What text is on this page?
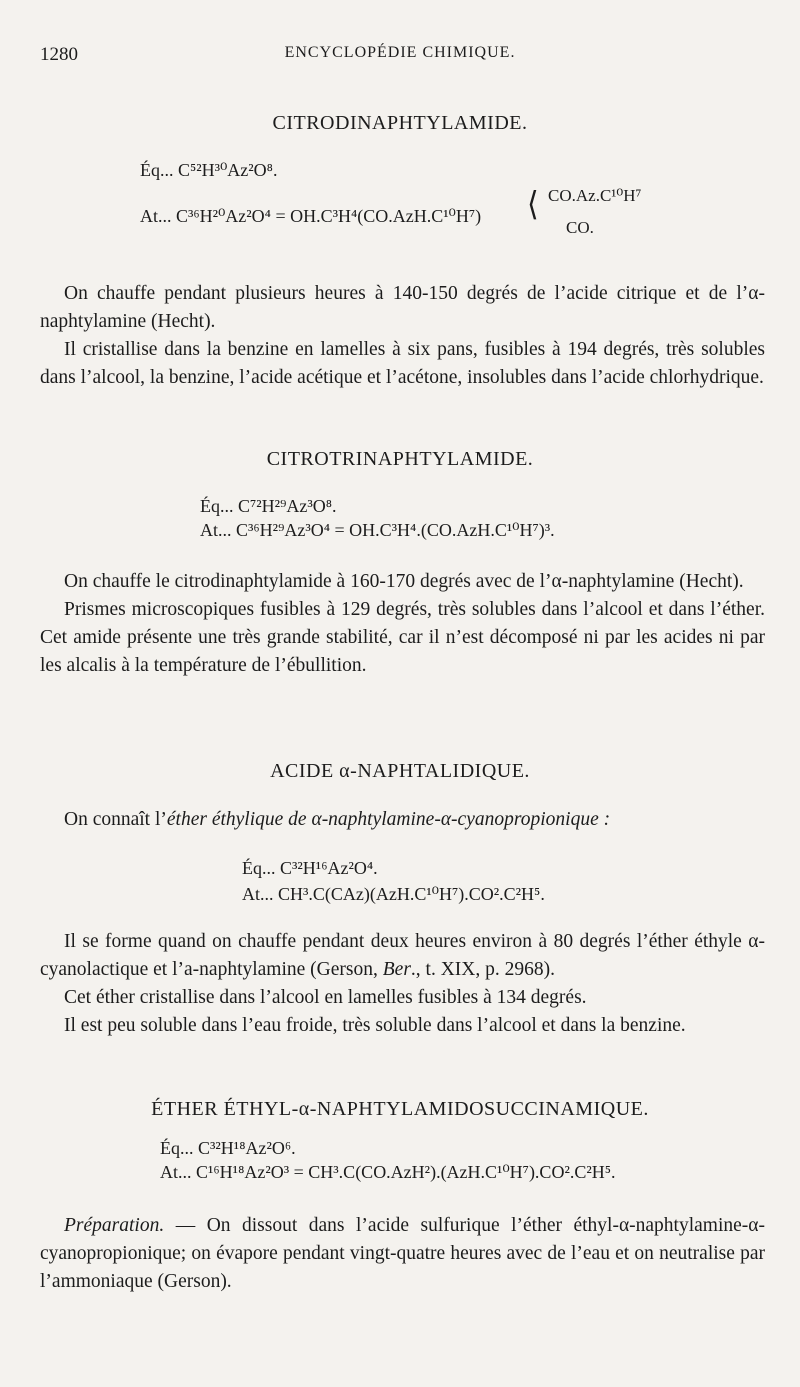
1280	ENCYCLOPÉDIE CHIMIQUE.
CITRODINAPHTYLAMIDE.
Éq... C⁵²H³⁰Az²O⁸.
At... C³⁶H²⁰Az²O⁴ = OH.C³H⁴(CO.AzH.C¹⁰H⁷) ⟨ CO.Az.C¹⁰H⁷
CO.

On chauffe pendant plusieurs heures à 140-150 degrés de l’acide citrique et de l’α-naphtylamine (Hecht).

Il cristallise dans la benzine en lamelles à six pans, fusibles à 194 degrés, très solubles dans l’alcool, la benzine, l’acide acétique et l’acétone, insolubles dans l’acide chlorhydrique.

CITROTRINAPHTYLAMIDE.
Éq... C⁷²H²⁹Az³O⁸.
At... C³⁶H²⁹Az³O⁴ = OH.C³H⁴.(CO.AzH.C¹⁰H⁷)³.

On chauffe le citrodinaphtylamide à 160-170 degrés avec de l’α-naphtylamine (Hecht).

Prismes microscopiques fusibles à 129 degrés, très solubles dans l’alcool et dans l’éther. Cet amide présente une très grande stabilité, car il n’est décomposé ni par les acides ni par les alcalis à la température de l’ébullition.

ACIDE α-NAPHTALIDIQUE.

On connaît l’éther éthylique de α-naphtylamine-α-cyanopropionique :

Éq... C³²H¹⁶Az²O⁴.
At... CH³.C(CAz)(AzH.C¹⁰H⁷).CO².C²H⁵.

Il se forme quand on chauffe pendant deux heures environ à 80 degrés l’éther éthyle α-cyanolactique et l’a-naphtylamine (Gerson, Ber., t. XIX, p. 2968).

Cet éther cristallise dans l’alcool en lamelles fusibles à 134 degrés.

Il est peu soluble dans l’eau froide, très soluble dans l’alcool et dans la benzine.

ÉTHER ÉTHYL-α-NAPHTYLAMIDOSUCCINAMIQUE.
Éq... C³²H¹⁸Az²O⁶.
At... C¹⁶H¹⁸Az²O³ = CH³.C(CO.AzH²).(AzH.C¹⁰H⁷).CO².C²H⁵.

Préparation. — On dissout dans l’acide sulfurique l’éther éthyl-α-naphtylamine-α-cyanopropionique; on évapore pendant vingt-quatre heures avec de l’eau et on neutralise par l’ammoniaque (Gerson).
